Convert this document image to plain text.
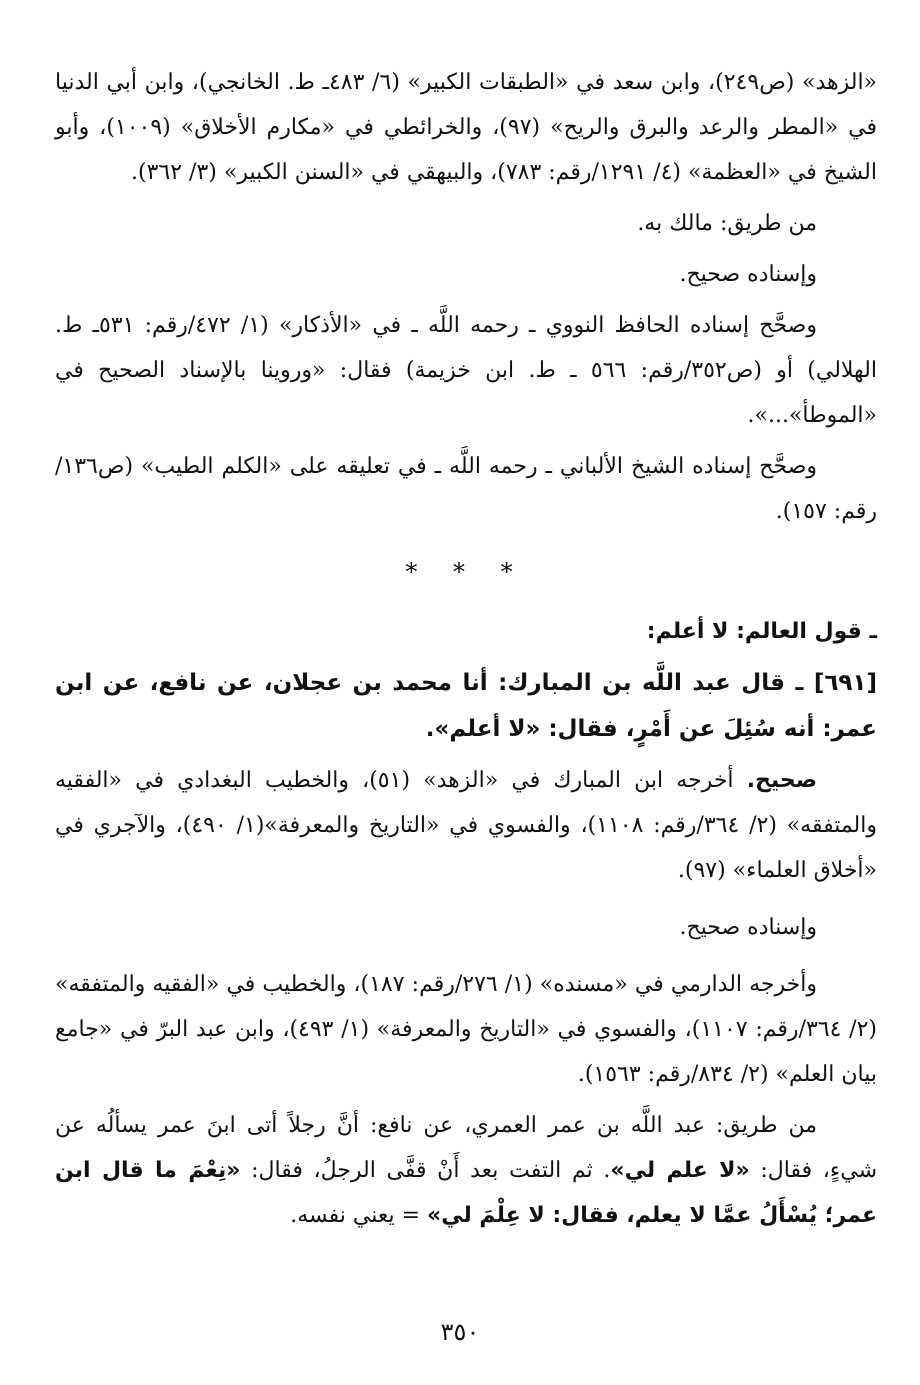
«الزهد» (ص٢٤٩)، وابن سعد في «الطبقات الكبير» (٦/ ٤٨٣ـ ط. الخانجي)، وابن أبي الدنيا في «المطر والرعد والبرق والريح» (٩٧)، والخرائطي في «مكارم الأخلاق» (١٠٠٩)، وأبو الشيخ في «العظمة» (٤/ ١٢٩١/رقم: ٧٨٣)، والبيهقي في «السنن الكبير» (٣/ ٣٦٢).

من طريق: مالك به.

وإسناده صحيح.

وصحَّح إسناده الحافظ النووي ـ رحمه اللَّه ـ في «الأذكار» (١/ ٤٧٢/رقم: ٥٣١ـ ط. الهلالي) أو (ص٣٥٢/رقم: ٥٦٦ ـ ط. ابن خزيمة) فقال: «وروينا بالإسناد الصحيح في «الموطأ»...».

وصحَّح إسناده الشيخ الألباني ـ رحمه اللَّه ـ في تعليقه على «الكلم الطيب» (ص١٣٦/رقم: ١٥٧).

* * *

ـ قول العالم: لا أعلم:

[٦٩١] ـ قال عبد اللَّه بن المبارك: أنا محمد بن عجلان، عن نافع، عن ابن عمر: أنه سُئِلَ عن أَمْرٍ، فقال: «لا أعلم».

صحيح. أخرجه ابن المبارك في «الزهد» (٥١)، والخطيب البغدادي في «الفقيه والمتفقه» (٢/ ٣٦٤/رقم: ١١٠٨)، والفسوي في «التاريخ والمعرفة»(١/ ٤٩٠)، والآجري في «أخلاق العلماء» (٩٧).

وإسناده صحيح.

وأخرجه الدارمي في «مسنده» (١/ ٢٧٦/رقم: ١٨٧)، والخطيب في «الفقيه والمتفقه» (٢/ ٣٦٤/رقم: ١١٠٧)، والفسوي في «التاريخ والمعرفة» (١/ ٤٩٣)، وابن عبد البرّ في «جامع بيان العلم» (٢/ ٨٣٤/رقم: ١٥٦٣).

من طريق: عبد اللَّه بن عمر العمري، عن نافع: أنَّ رجلاً أتى ابنَ عمر يسألُه عن شيءٍ، فقال: «لا علم لي». ثم التفت بعد أَنْ قفَّى الرجلُ، فقال: «نِعْمَ ما قال ابن عمر؛ يُسْأَلُ عمَّا لا يعلم، فقال: لا عِلْمَ لي» = يعني نفسه.

٣٥٠
